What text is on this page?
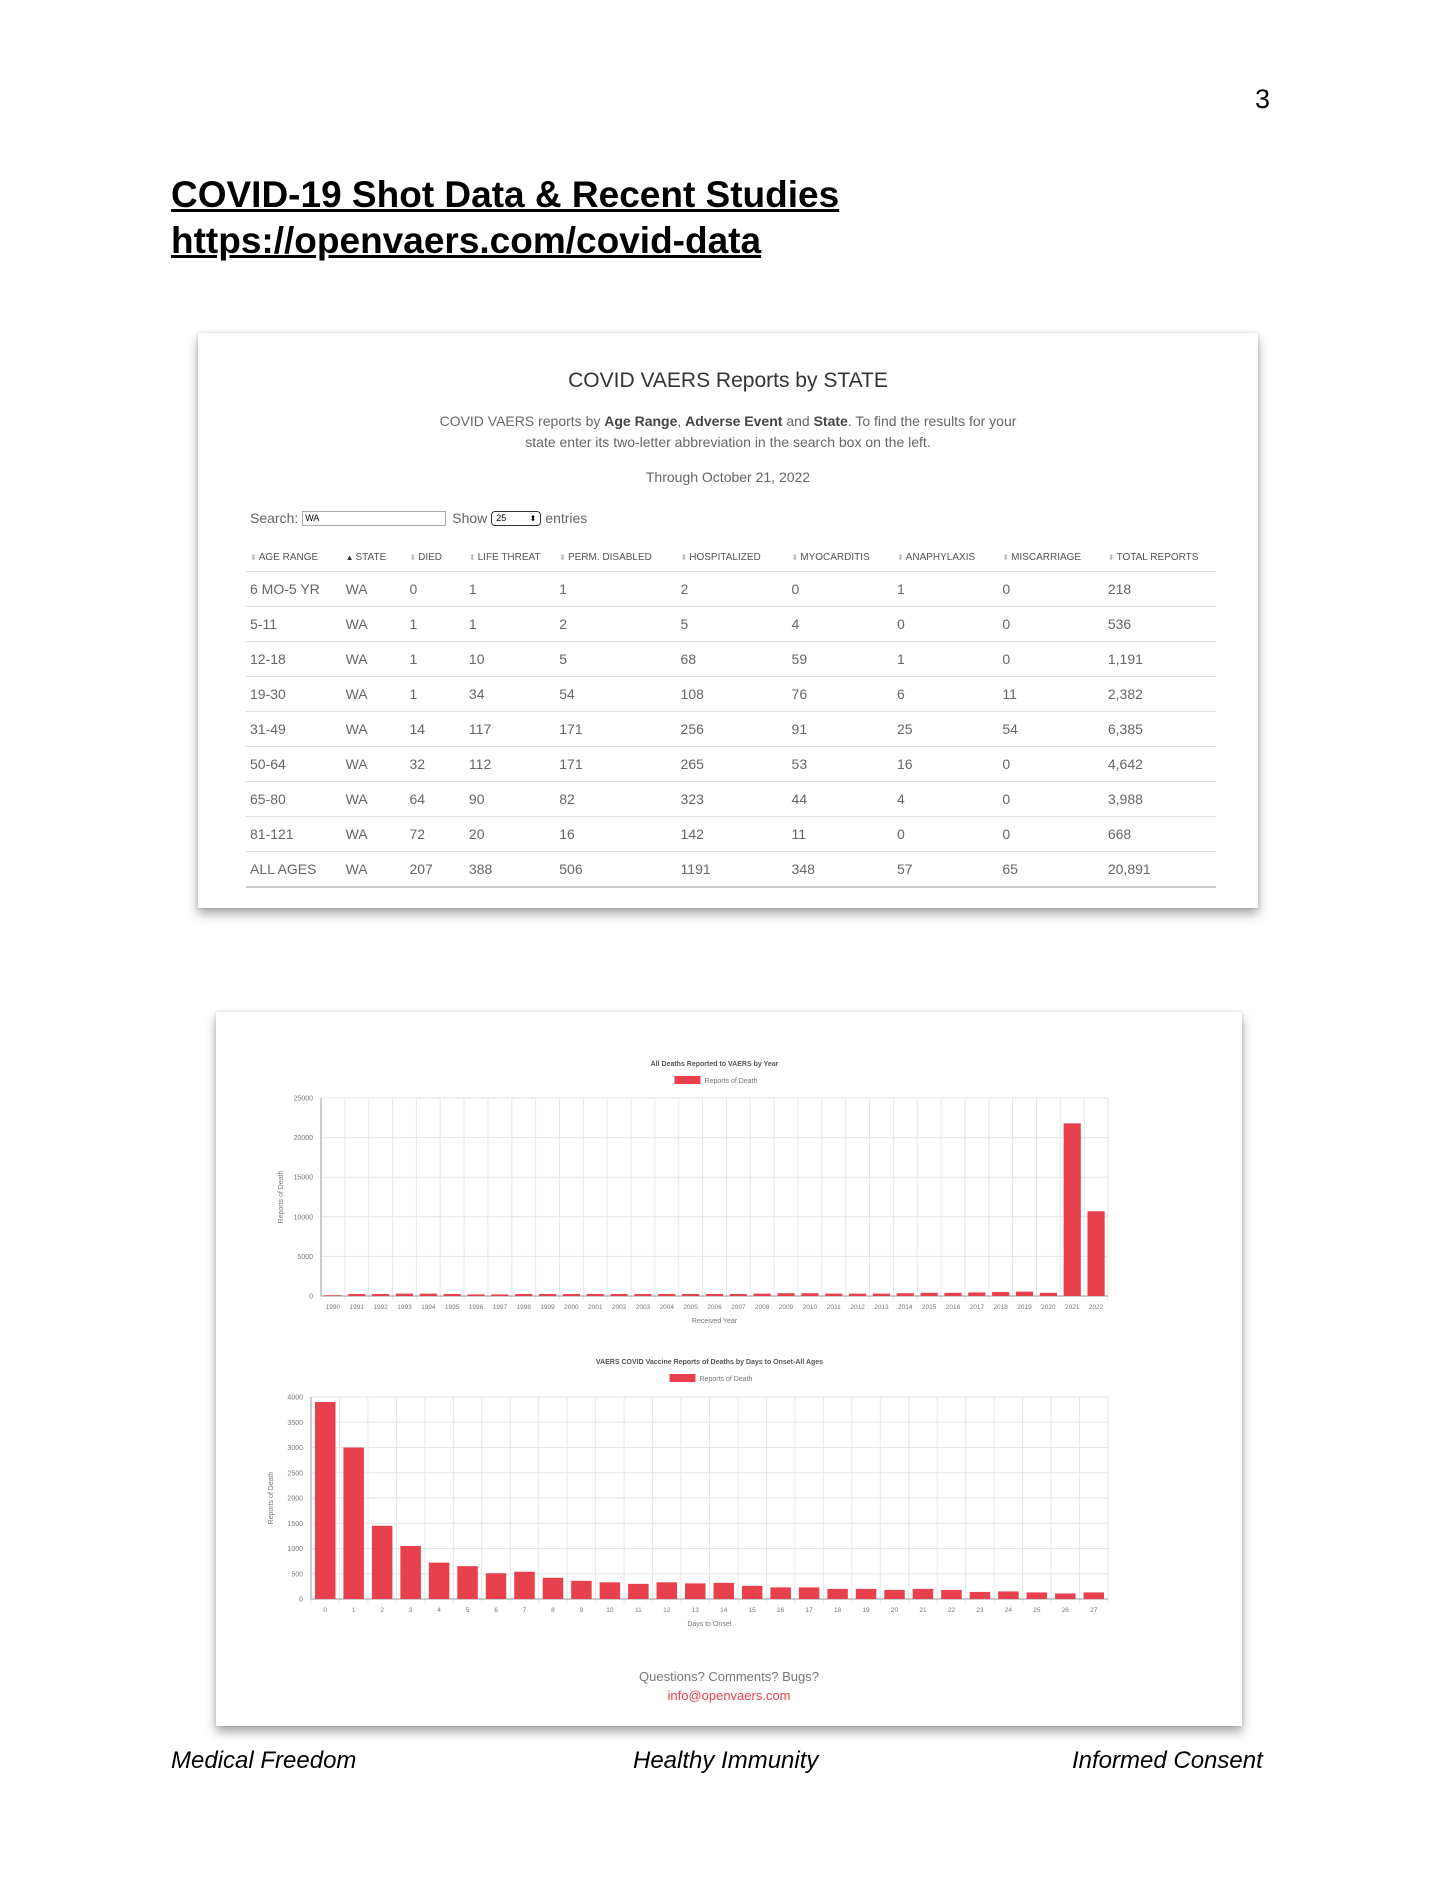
3
COVID-19 Shot Data & Recent Studies
https://openvaers.com/covid-data
COVID VAERS Reports by STATE
COVID VAERS reports by Age Range, Adverse Event and State. To find the results for your state enter its two-letter abbreviation in the search box on the left.
Through October 21, 2022
Search: WA	Show	25	⬍ entries
⬍ AGE RANGE	▲ STATE	⬍ DIED	⬍ LIFE THREAT	⬍ PERM. DISABLED	⬍ HOSPITALIZED	⬍ MYOCARDITIS	⬍ ANAPHYLAXIS	⬍ MISCARRIAGE	⬍ TOTAL REPORTS
6 MO-5 YR	WA	0	1	1	2	0	1	0	218
5-11	WA	1	1	2	5	4	0	0	536
12-18	WA	1	10	5	68	59	1	0	1,191
19-30	WA	1	34	54	108	76	6	11	2,382
31-49	WA	14	117	171	256	91	25	54	6,385
50-64	WA	32	112	171	265	53	16	0	4,642
65-80	WA	64	90	82	323	44	4	0	3,988
81-121	WA	72	20	16	142	11	0	0	668
ALL AGES	WA	207	388	506	1191	348	57	65	20,891
All Deaths Reported to VAERS by Year
Reports of Death
0
5000
10000
15000
20000
25000
1990 1991 1992 1993 1994 1995 1996 1997 1998 1999 2000 2001 2002 2003 2004 2005 2006 2007 2008 2009 2010 2011 2012 2013 2014 2015 2016 2017 2018 2019 2020 2021 2022
Received Year
Reports of Death
VAERS COVID Vaccine Reports of Deaths by Days to Onset-All Ages
Reports of Death
0
500
1000
1500
2000
2500
3000
3500
4000
0	1	2	3	4	5	6	7	8	9	10	11	12	13	14	15	16	17	18	19	20	21	22	23	24	25	26	27
Days to Onset
Reports of Death
Questions? Comments? Bugs?
info@openvaers.com
Medical Freedom	Healthy Immunity	Informed Consent
